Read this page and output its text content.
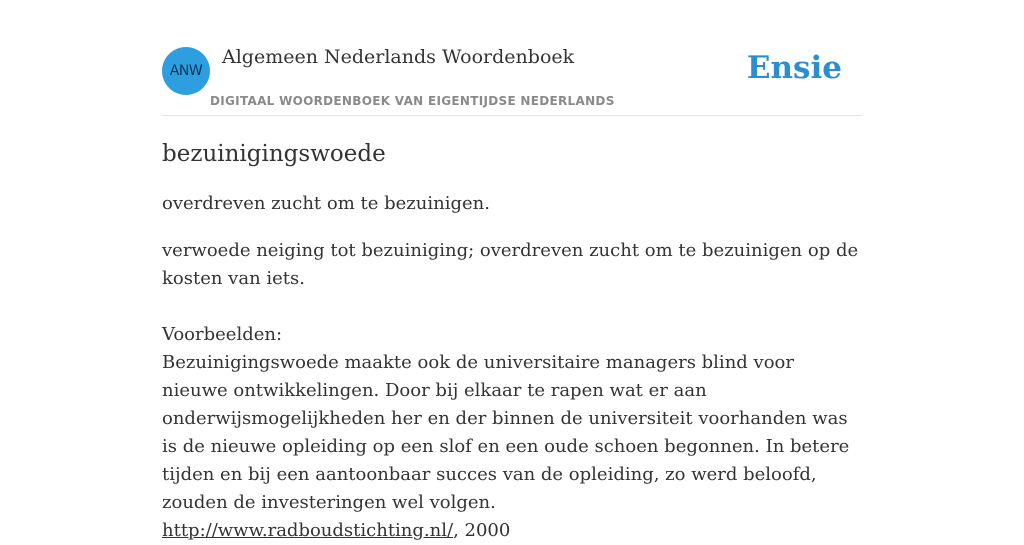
ANW
Algemeen Nederlands Woordenboek
DIGITAAL WOORDENBOEK VAN EIGENTIJDSE NEDERLANDS
Ensie
bezuinigingswoede

overdreven zucht om te bezuinigen.

verwoede neiging tot bezuiniging; overdreven zucht om te bezuinigen op de kosten van iets.

Voorbeelden:
Bezuinigingswoede maakte ook de universitaire managers blind voor nieuwe ontwikkelingen. Door bij elkaar te rapen wat er aan onderwijsmogelijkheden her en der binnen de universiteit voorhanden was is de nieuwe opleiding op een slof en een oude schoen begonnen. In betere tijden en bij een aantoonbaar succes van de opleiding, zo werd beloofd, zouden de investeringen wel volgen.
http://www.radboudstichting.nl/, 2000
